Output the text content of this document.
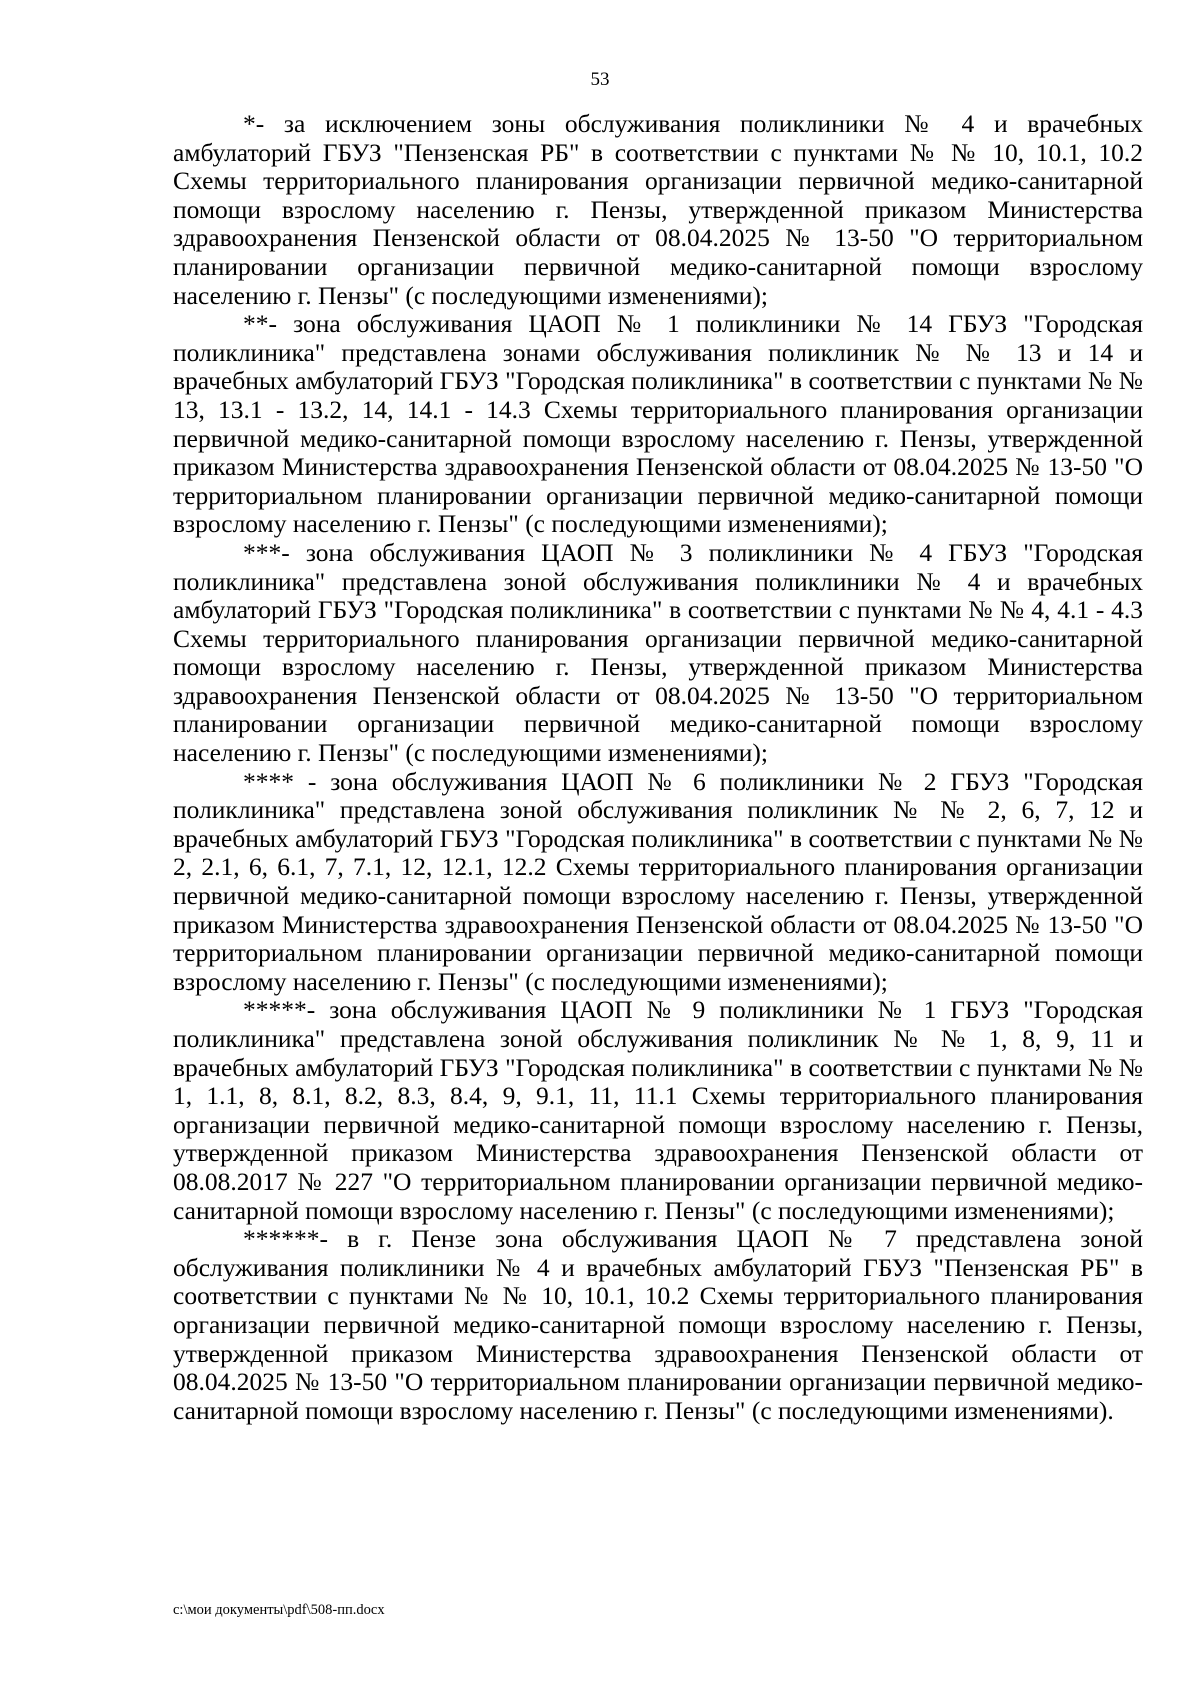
53

*- за исключением зоны обслуживания поликлиники № 4 и врачебных амбулаторий ГБУЗ "Пензенская РБ" в соответствии с пунктами № № 10, 10.1, 10.2 Схемы территориального планирования организации первичной медико-санитарной помощи взрослому населению г. Пензы, утвержденной приказом Министерства здравоохранения Пензенской области от 08.04.2025 № 13-50 "О территориальном планировании организации первичной медико-санитарной помощи взрослому населению г. Пензы" (с последующими изменениями);

**- зона обслуживания ЦАОП № 1 поликлиники № 14 ГБУЗ "Городская поликлиника" представлена зонами обслуживания поликлиник № № 13 и 14 и врачебных амбулаторий ГБУЗ "Городская поликлиника" в соответствии с пунктами № № 13, 13.1 - 13.2, 14, 14.1 - 14.3 Схемы территориального планирования организации первичной медико-санитарной помощи взрослому населению г. Пензы, утвержденной приказом Министерства здравоохранения Пензенской области от 08.04.2025 № 13-50 "О территориальном планировании организации первичной медико-санитарной помощи взрослому населению г. Пензы" (с последующими изменениями);

***- зона обслуживания ЦАОП № 3 поликлиники № 4 ГБУЗ "Городская поликлиника" представлена зоной обслуживания поликлиники № 4 и врачебных амбулаторий ГБУЗ "Городская поликлиника" в соответствии с пунктами № № 4, 4.1 - 4.3 Схемы территориального планирования организации первичной медико-санитарной помощи взрослому населению г. Пензы, утвержденной приказом Министерства здравоохранения Пензенской области от 08.04.2025 № 13-50 "О территориальном планировании организации первичной медико-санитарной помощи взрослому населению г. Пензы" (с последующими изменениями);

**** - зона обслуживания ЦАОП № 6 поликлиники № 2 ГБУЗ "Городская поликлиника" представлена зоной обслуживания поликлиник № № 2, 6, 7, 12 и врачебных амбулаторий ГБУЗ "Городская поликлиника" в соответствии с пунктами № № 2, 2.1, 6, 6.1, 7, 7.1, 12, 12.1, 12.2 Схемы территориального планирования организации первичной медико-санитарной помощи взрослому населению г. Пензы, утвержденной приказом Министерства здравоохранения Пензенской области от 08.04.2025 № 13-50 "О территориальном планировании организации первичной медико-санитарной помощи взрослому населению г. Пензы" (с последующими изменениями);

*****- зона обслуживания ЦАОП № 9 поликлиники № 1 ГБУЗ "Городская поликлиника" представлена зоной обслуживания поликлиник № № 1, 8, 9, 11 и врачебных амбулаторий ГБУЗ "Городская поликлиника" в соответствии с пунктами № № 1, 1.1, 8, 8.1, 8.2, 8.3, 8.4, 9, 9.1, 11, 11.1 Схемы территориального планирования организации первичной медико-санитарной помощи взрослому населению г. Пензы, утвержденной приказом Министерства здравоохранения Пензенской области от 08.08.2017 № 227 "О территориальном планировании организации первичной медико-санитарной помощи взрослому населению г. Пензы" (с последующими изменениями);

******- в г. Пензе зона обслуживания ЦАОП № 7 представлена зоной обслуживания поликлиники № 4 и врачебных амбулаторий ГБУЗ "Пензенская РБ" в соответствии с пунктами № № 10, 10.1, 10.2 Схемы территориального планирования организации первичной медико-санитарной помощи взрослому населению г. Пензы, утвержденной приказом Министерства здравоохранения Пензенской области от 08.04.2025 № 13-50 "О территориальном планировании организации первичной медико-санитарной помощи взрослому населению г. Пензы" (с последующими изменениями).

c:\мои документы\pdf\508-пп.docx
